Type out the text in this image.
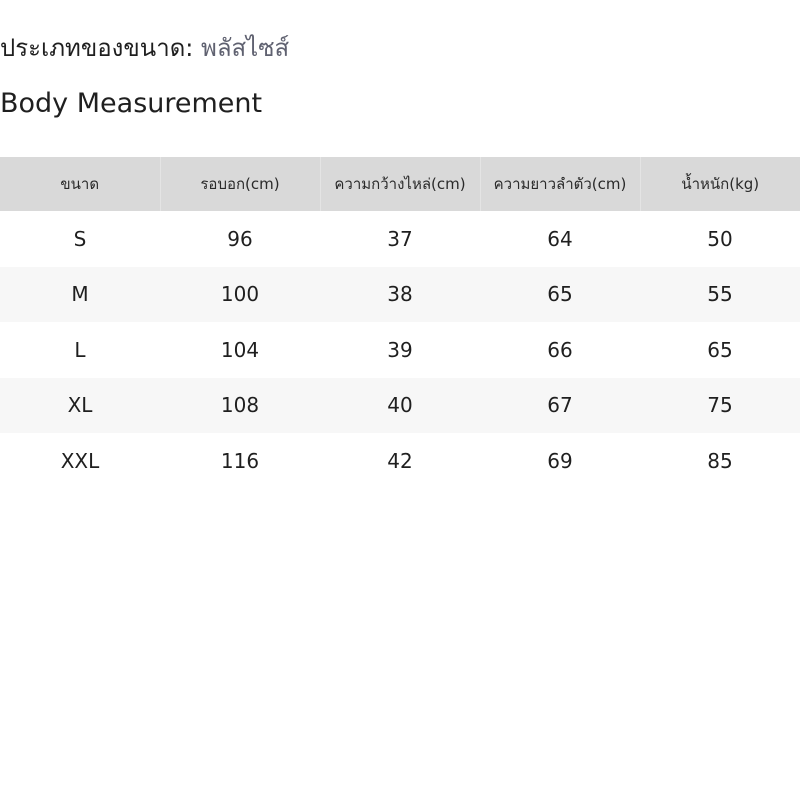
ประเภทของขนาด: พลัสไซส์
Body Measurement
ขนาด	รอบอก(cm)	ความกว้างไหล่(cm)	ความยาวลำตัว(cm)	น้ำหนัก(kg)
S	96	37	64	50
M	100	38	65	55
L	104	39	66	65
XL	108	40	67	75
XXL	116	42	69	85
